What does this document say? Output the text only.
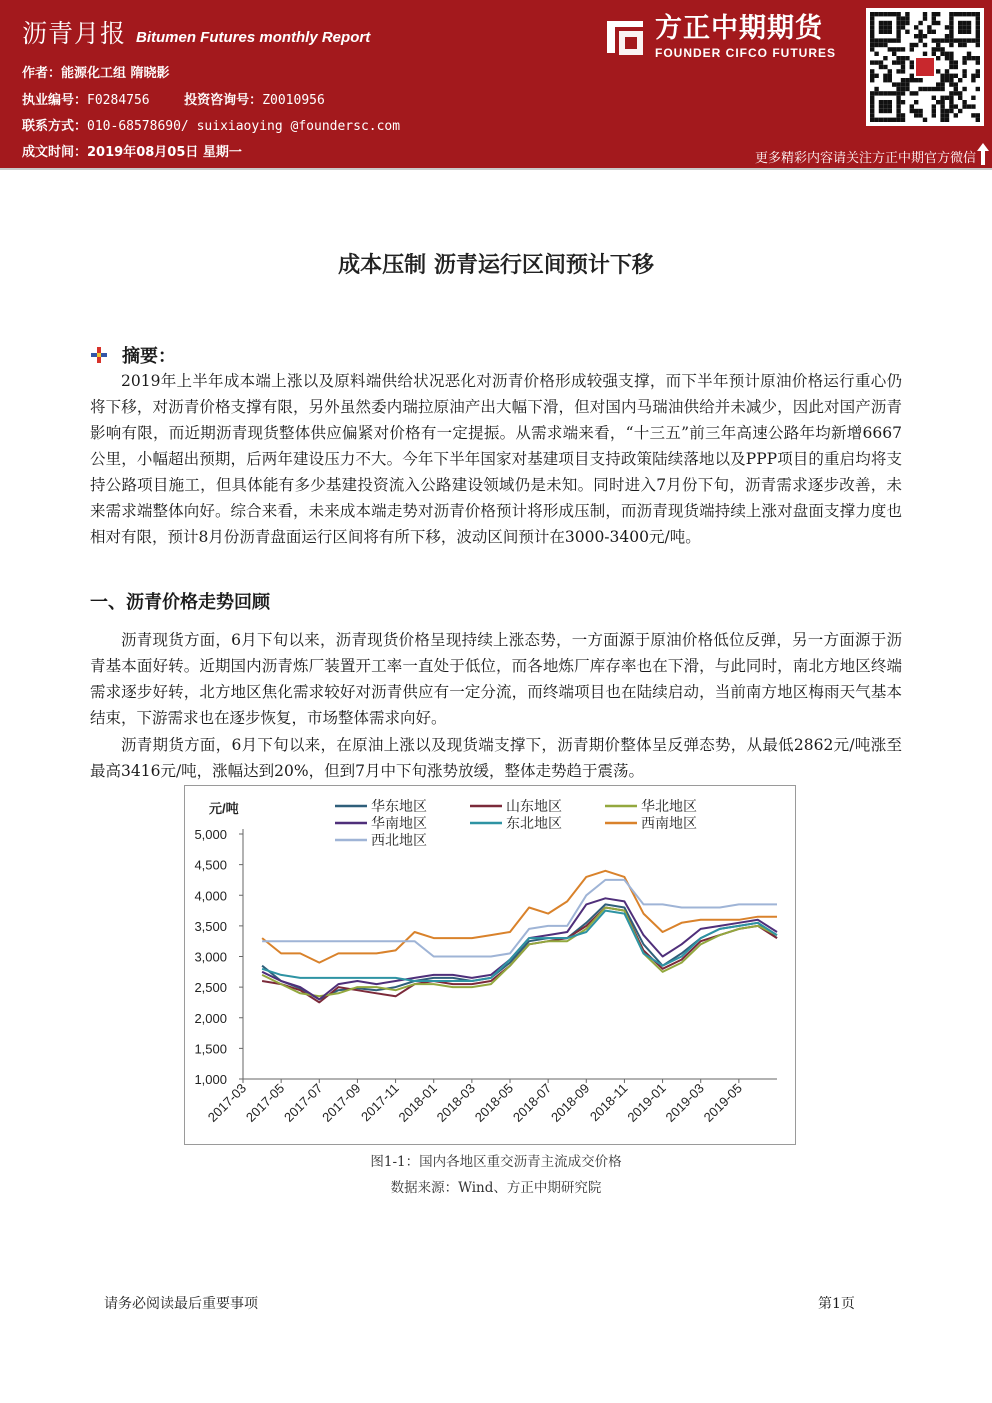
沥青月报 Bitumen Futures monthly Report
作者：能源化工组 隋晓影
执业编号：F0284756	投资咨询号：Z0010956
联系方式：010-68578690/ suixiaoying @foundersc.com
成文时间：2019年08月05日 星期一
方正中期期货
FOUNDER CIFCO FUTURES
更多精彩内容请关注方正中期官方微信
成本压制 沥青运行区间预计下移
摘要：

2019年上半年成本端上涨以及原料端供给状况恶化对沥青价格形成较强支撑，而下半年预计原油价格运行重心仍将下移，对沥青价格支撑有限，另外虽然委内瑞拉原油产出大幅下滑，但对国内马瑞油供给并未减少，因此对国产沥青影响有限，而近期沥青现货整体供应偏紧对价格有一定提振。从需求端来看，“十三五”前三年高速公路年均新增6667公里，小幅超出预期，后两年建设压力不大。今年下半年国家对基建项目支持政策陆续落地以及PPP项目的重启均将支持公路项目施工，但具体能有多少基建投资流入公路建设领域仍是未知。同时进入7月份下旬，沥青需求逐步改善，未来需求端整体向好。综合来看，未来成本端走势对沥青价格预计将形成压制，而沥青现货端持续上涨对盘面支撑力度也相对有限，预计8月份沥青盘面运行区间将有所下移，波动区间预计在3000-3400元/吨。

一、沥青价格走势回顾

沥青现货方面，6月下旬以来，沥青现货价格呈现持续上涨态势，一方面源于原油价格低位反弹，另一方面源于沥青基本面好转。近期国内沥青炼厂装置开工率一直处于低位，而各地炼厂库存率也在下滑，与此同时，南北方地区终端需求逐步好转，北方地区焦化需求较好对沥青供应有一定分流，而终端项目也在陆续启动，当前南方地区梅雨天气基本结束，下游需求也在逐步恢复，市场整体需求向好。

沥青期货方面，6月下旬以来，在原油上涨以及现货端支撑下，沥青期价整体呈反弹态势，从最低2862元/吨涨至最高3416元/吨，涨幅达到20%，但到7月中下旬涨势放缓，整体走势趋于震荡。

元/吨	华东地区	山东地区	华北地区
华南地区	东北地区	西南地区
西北地区
1,000
1,500
2,000
2,500
3,000
3,500
4,000
4,500
5,000
2017-03
2017-05
2017-07
2017-09
2017-11
2018-01
2018-03
2018-05
2018-07
2018-09
2018-11
2019-01
2019-03
2019-05
图1-1：国内各地区重交沥青主流成交价格
数据来源：Wind、方正中期研究院
请务必阅读最后重要事项	第1页
